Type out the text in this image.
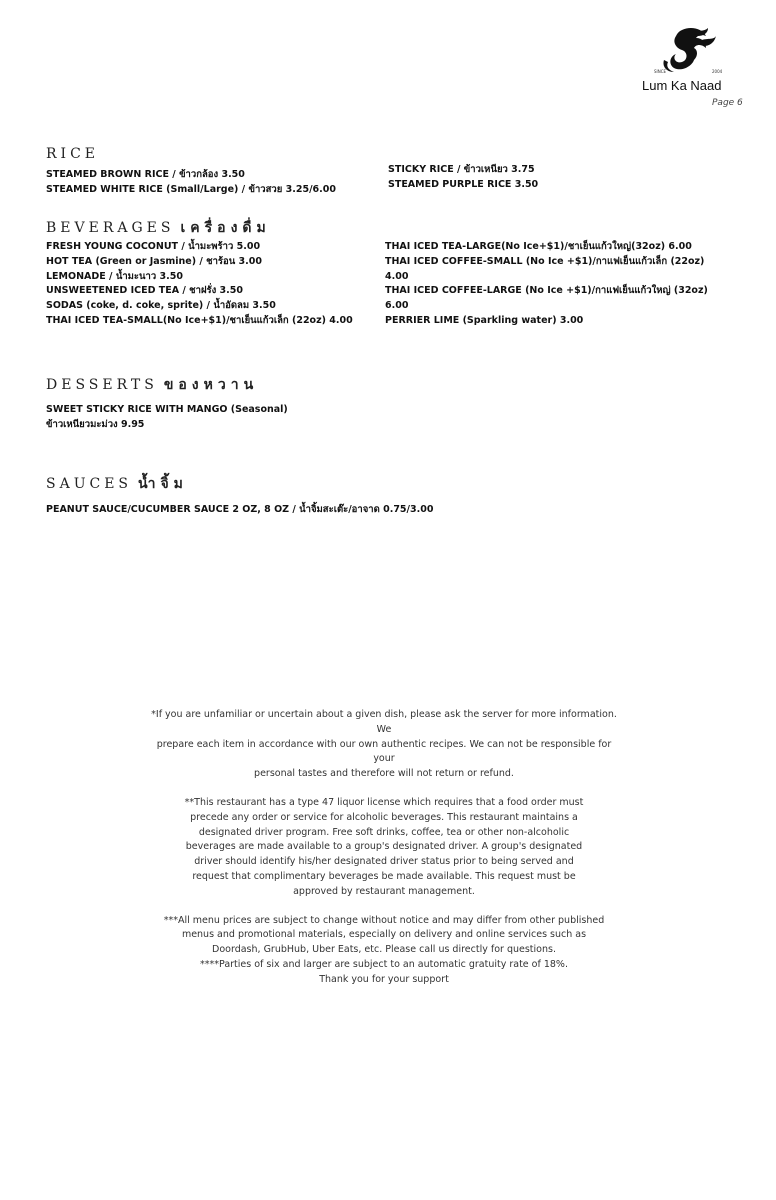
SINCE	2004
Lum Ka Naad
Page 6
RICE
STEAMED BROWN RICE / ข้าวกล้อง 3.50
STEAMED WHITE RICE (Small/Large) / ข้าวสวย 3.25/6.00
STICKY RICE / ข้าวเหนียว 3.75
STEAMED PURPLE RICE 3.50
BEVERAGES เครื่องดื่ม
FRESH YOUNG COCONUT / น้ำมะพร้าว 5.00
HOT TEA (Green or Jasmine) / ชาร้อน 3.00
LEMONADE / น้ำมะนาว 3.50
UNSWEETENED ICED TEA / ชาฝรั่ง 3.50
SODAS (coke, d. coke, sprite) / น้ำอัดลม 3.50
THAI ICED TEA-SMALL(No Ice+$1)/ชาเย็นแก้วเล็ก (22oz) 4.00
THAI ICED TEA-LARGE(No Ice+$1)/ชาเย็นแก้วใหญ่(32oz) 6.00
THAI ICED COFFEE-SMALL (No Ice +$1)/กาแฟเย็นแก้วเล็ก (22oz)
4.00
THAI ICED COFFEE-LARGE (No Ice +$1)/กาแฟเย็นแก้วใหญ่ (32oz)
6.00
PERRIER LIME (Sparkling water) 3.00
DESSERTS ของหวาน
SWEET STICKY RICE WITH MANGO (Seasonal)
ข้าวเหนียวมะม่วง 9.95
SAUCES น้ำจิ้ม
PEANUT SAUCE/CUCUMBER SAUCE 2 OZ, 8 OZ / น้ำจิ้มสะเต๊ะ/อาจาด 0.75/3.00

*If you are unfamiliar or uncertain about a given dish, please ask the server for more information. We
prepare each item in accordance with our own authentic recipes. We can not be responsible for your
personal tastes and therefore will not return or refund.

**This restaurant has a type 47 liquor license which requires that a food order must
precede any order or service for alcoholic beverages. This restaurant maintains a
designated driver program. Free soft drinks, coffee, tea or other non-alcoholic
beverages are made available to a group's designated driver. A group's designated
driver should identify his/her designated driver status prior to being served and
request that complimentary beverages be made available. This request must be
approved by restaurant management.

***All menu prices are subject to change without notice and may differ from other published
menus and promotional materials, especially on delivery and online services such as
Doordash, GrubHub, Uber Eats, etc. Please call us directly for questions.
****Parties of six and larger are subject to an automatic gratuity rate of 18%.
Thank you for your support
